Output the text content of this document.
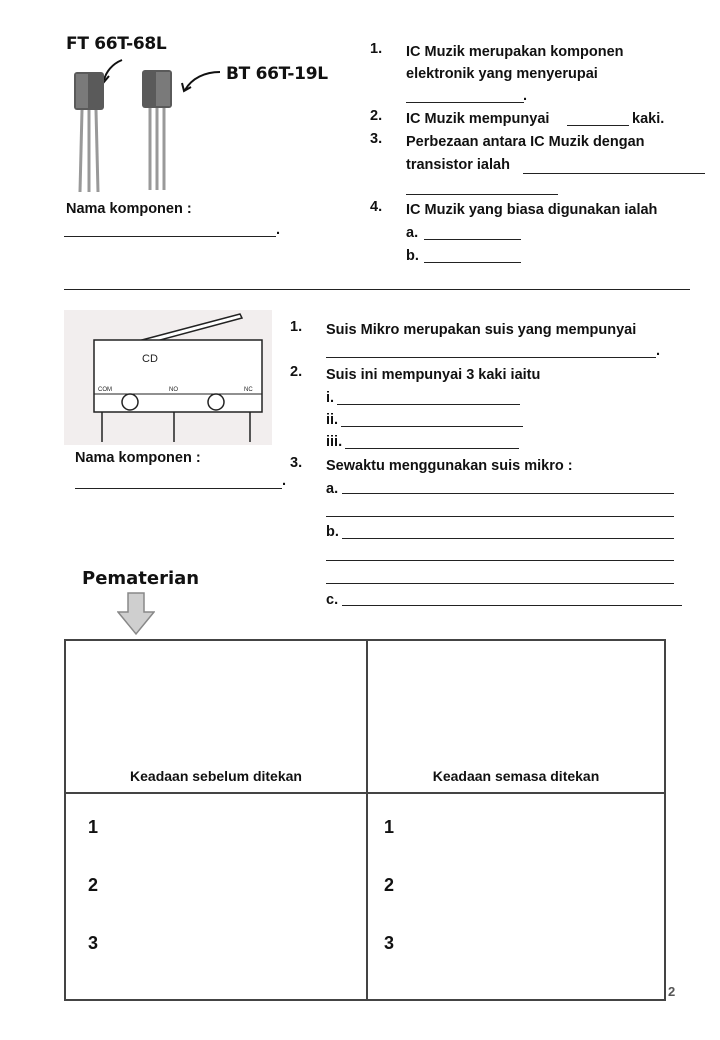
FT 66T-68L
BT 66T-19L
Nama komponen :
.
1. IC Muzik merupakan komponen
elektronik yang menyerupai
.
2. IC Muzik mempunyai	kaki.
3. Perbezaan antara IC Muzik dengan
transistor ialah
4. IC Muzik yang biasa digunakan ialah
a.
b.
CD
COM	NO	NC
Nama komponen :
.
1. Suis Mikro merupakan suis yang mempunyai
.
2. Suis ini mempunyai 3 kaki iaitu
i.
ii.
iii.
3. Sewaktu menggunakan suis mikro :
a.
b.
c.
Pematerian
Keadaan sebelum ditekan	Keadaan semasa ditekan

1
2
3
1
2
3
2
